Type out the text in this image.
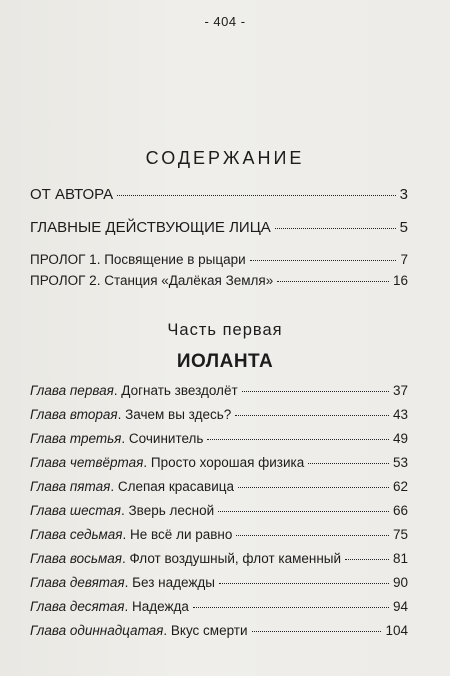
- 404 -
СОДЕРЖАНИЕ
ОТ АВТОРА	3
ГЛАВНЫЕ ДЕЙСТВУЮЩИЕ ЛИЦА	5
ПРОЛОГ 1. Посвящение в рыцари	7
ПРОЛОГ 2. Станция «Далёкая Земля»	16
Часть первая
ИОЛАНТА
Глава первая. Догнать звездолёт	37
Глава вторая. Зачем вы здесь?	43
Глава третья. Сочинитель	49
Глава четвёртая. Просто хорошая физика	53
Глава пятая. Слепая красавица	62
Глава шестая. Зверь лесной	66
Глава седьмая. Не всё ли равно	75
Глава восьмая. Флот воздушный, флот каменный	81
Глава девятая. Без надежды	90
Глава десятая. Надежда	94
Глава одиннадцатая. Вкус смерти	104
